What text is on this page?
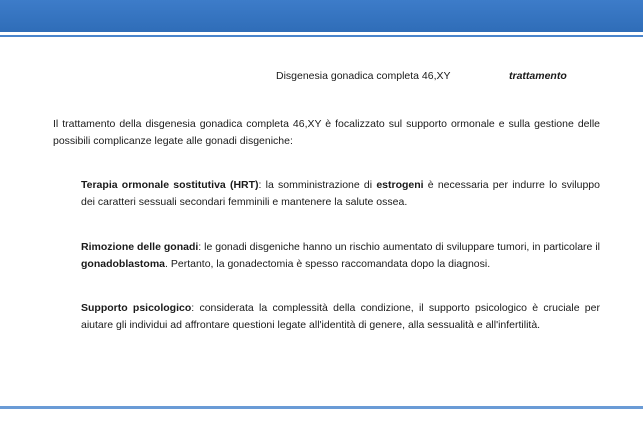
Disgenesia gonadica completa 46,XY	trattamento

Il trattamento della disgenesia gonadica completa 46,XY è focalizzato sul supporto ormonale e sulla gestione delle possibili complicanze legate alle gonadi disgeniche:

Terapia ormonale sostitutiva (HRT): la somministrazione di estrogeni è necessaria per indurre lo sviluppo dei caratteri sessuali secondari femminili e mantenere la salute ossea.

Rimozione delle gonadi: le gonadi disgeniche hanno un rischio aumentato di sviluppare tumori, in particolare il gonadoblastoma. Pertanto, la gonadectomia è spesso raccomandata dopo la diagnosi.

Supporto psicologico: considerata la complessità della condizione, il supporto psicologico è cruciale per aiutare gli individui ad affrontare questioni legate all'identità di genere, alla sessualità e all'infertilità.
